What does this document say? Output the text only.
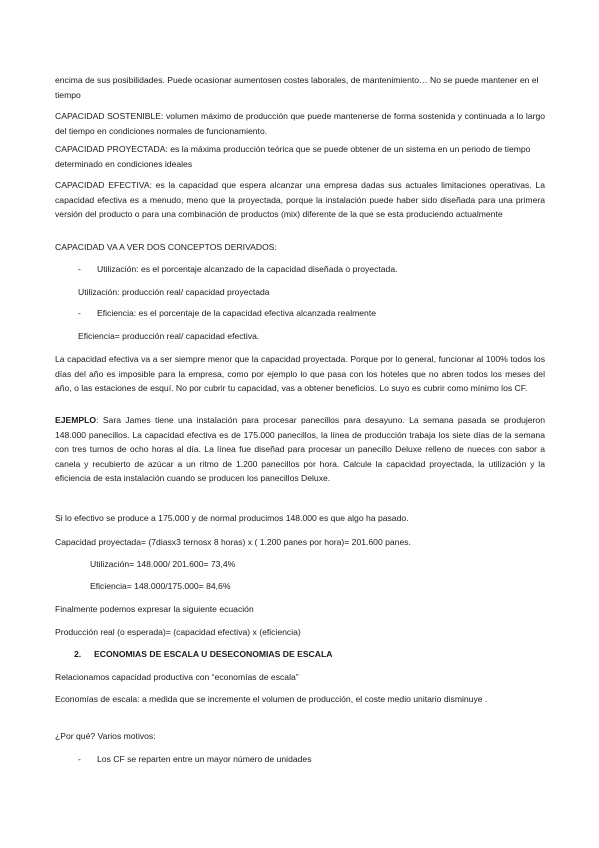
encima de sus posibilidades. Puede ocasionar aumentosen costes laborales, de mantenimiento… No se puede mantener en el tiempo

CAPACIDAD SOSTENIBLE: volumen máximo de producción que puede mantenerse de forma sostenida y continuada a lo largo del tiempo en condiciones normales de funcionamiento.

CAPACIDAD PROYECTADA: es la máxima producción teórica que se puede obtener de un sistema en un periodo de tiempo determinado en condiciones ideales

CAPACIDAD EFECTIVA: es la capacidad que espera alcanzar una empresa dadas sus actuales limitaciones operativas. La capacidad efectiva es a menudo, meno que la proyectada, porque la instalación puede haber sido diseñada para una primera versión del producto o para una combinación de productos (mix) diferente de la que se esta produciendo actualmente

CAPACIDAD VA A VER DOS CONCEPTOS DERIVADOS:

- Utilización: es el porcentaje alcanzado de la capacidad diseñada o proyectada.

Utilización: producción real/ capacidad proyectada

- Eficiencia: es el porcentaje de la capacidad efectiva alcanzada realmente

Eficiencia= producción real/ capacidad efectiva.

La capacidad efectiva va a ser siempre menor que la capacidad proyectada. Porque por lo general, funcionar al 100% todos los días del año es imposible para la empresa, como por ejemplo lo que pasa con los hoteles que no abren todos los meses del año, o las estaciones de esquí. No por cubrir tu capacidad, vas a obtener beneficios. Lo suyo es cubrir como mínimo los CF.

EJEMPLO: Sara James tiene una instalación para procesar panecillos para desayuno. La semana pasada se produjeron 148.000 panecillos. La capacidad efectiva es de 175.000 panecillos, la línea de producción trabaja los siete días de la semana con tres turnos de ocho horas al día. La línea fue diseñad para procesar un panecillo Deluxe relleno de nueces con sabor a canela y recubierto de azúcar a un ritmo de 1.200 panecillos por hora. Calcule la capacidad proyectada, la utilización y la eficiencia de esta instalación cuando se producen los panecillos Deluxe.

Si lo efectivo se produce a 175.000 y de normal producimos 148.000 es que algo ha pasado.

Capacidad proyectada= (7diasx3 ternosx 8 horas) x ( 1.200 panes por hora)= 201.600 panes.

Utilización= 148.000/ 201.600= 73,4%

Eficiencia= 148.000/175.000= 84,6%

Finalmente podemos expresar la siguiente ecuación

Producción real (o esperada)= (capacidad efectiva) x (eficiencia)

2. ECONOMIAS DE ESCALA U DESECONOMIAS DE ESCALA

Relacionamos capacidad productiva con “economías de escala”

Economías de escala: a medida que se incremente el volumen de producción, el coste medio unitario disminuye .

¿Por qué? Varios motivos:

- Los CF se reparten entre un mayor número de unidades
